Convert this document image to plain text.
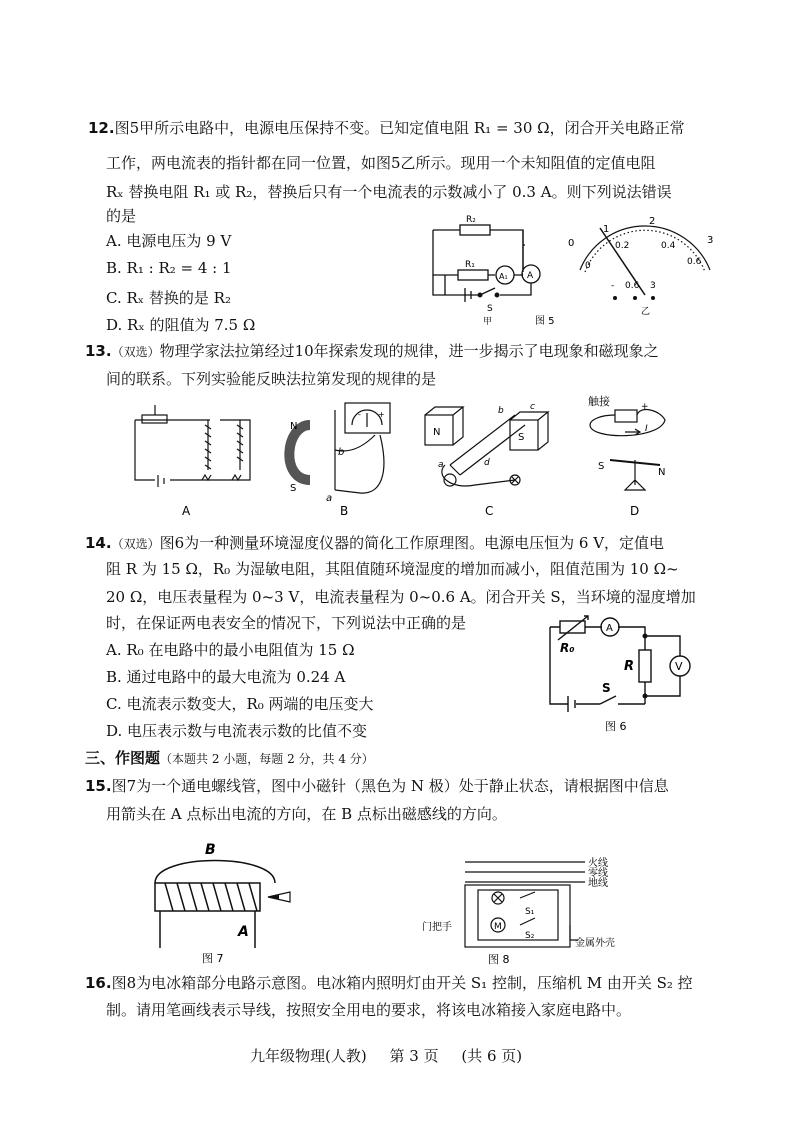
12.图5甲所示电路中，电源电压保持不变。已知定值电阻 R₁ = 30 Ω，闭合开关电路正常
工作，两电流表的指针都在同一位置，如图5乙所示。现用一个未知阻值的定值电阻
Rₓ 替换电阻 R₁ 或 R₂，替换后只有一个电流表的示数减小了 0.3 A。则下列说法错误
的是
A. 电源电压为 9 V
B. R₁ : R₂ = 4 : 1
C. Rₓ 替换的是 R₂
D. Rₓ 的阻值为 7.5 Ω
R₂
R₁
A₁ A
S
甲	图 5
0
1
2
3
0
0.2	0.4
0.6
- 0.6 3
乙
13.（双选）物理学家法拉第经过10年探索发现的规律，进一步揭示了电现象和磁现象之
间的联系。下列实验能反映法拉第发现的规律的是
N
S
a
b
- +
N	S
a
b	c
d
触接	+
I
S
N
A	B	C	D
14.（双选）图6为一种测量环境湿度仪器的简化工作原理图。电源电压恒为 6 V，定值电
阻 R 为 15 Ω，R₀ 为湿敏电阻，其阻值随环境湿度的增加而减小，阻值范围为 10 Ω~
20 Ω，电压表量程为 0~3 V，电流表量程为 0~0.6 A。闭合开关 S，当环境的湿度增加
时，在保证两电表安全的情况下，下列说法中正确的是
A. R₀ 在电路中的最小电阻值为 15 Ω
B. 通过电路中的最大电流为 0.24 A
C. 电流表示数变大，R₀ 两端的电压变大
D. 电压表示数与电流表示数的比值不变
R₀
A
R	V
S
图 6
三、作图题（本题共 2 小题，每题 2 分，共 4 分）
15.图7为一个通电螺线管，图中小磁针（黑色为 N 极）处于静止状态，请根据图中信息
用箭头在 A 点标出电流的方向，在 B 点标出磁感线的方向。
B
A
图 7
火线
零线
地线
M
S₁
S₂
门把手
金属外壳
图 8
16.图8为电冰箱部分电路示意图。电冰箱内照明灯由开关 S₁ 控制，压缩机 M 由开关 S₂ 控
制。请用笔画线表示导线，按照安全用电的要求，将该电冰箱接入家庭电路中。
九年级物理(人教) 第 3 页 (共 6 页)
